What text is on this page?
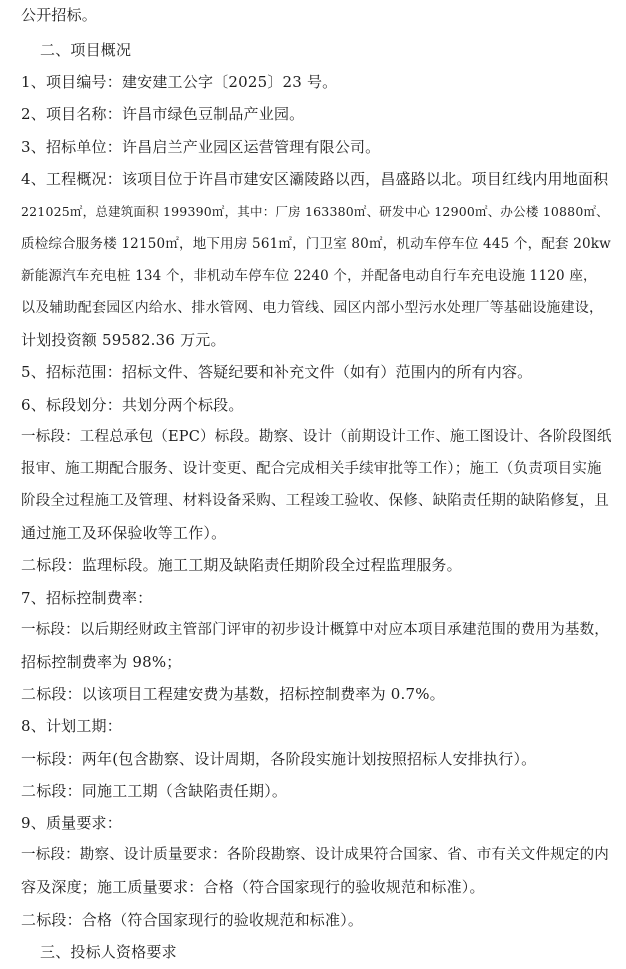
公开招标。
二、项目概况
1、项目编号：建安建工公字〔2025〕23 号。
2、项目名称：许昌市绿色豆制品产业园。
3、招标单位：许昌启兰产业园区运营管理有限公司。
4、工程概况：该项目位于许昌市建安区灞陵路以西，昌盛路以北。项目红线内用地面积
221025㎡，总建筑面积 199390㎡，其中：厂房 163380㎡、研发中心 12900㎡、办公楼 10880㎡、
质检综合服务楼 12150㎡，地下用房 561㎡，门卫室 80㎡，机动车停车位 445 个，配套 20kw
新能源汽车充电桩 134 个，非机动车停车位 2240 个，并配备电动自行车充电设施 1120 座，
以及辅助配套园区内给水、排水管网、电力管线、园区内部小型污水处理厂等基础设施建设，
计划投资额 59582.36 万元。
5、招标范围：招标文件、答疑纪要和补充文件（如有）范围内的所有内容。
6、标段划分：共划分两个标段。
一标段：工程总承包（EPC）标段。勘察、设计（前期设计工作、施工图设计、各阶段图纸
报审、施工期配合服务、设计变更、配合完成相关手续审批等工作）；施工（负责项目实施
阶段全过程施工及管理、材料设备采购、工程竣工验收、保修、缺陷责任期的缺陷修复，且
通过施工及环保验收等工作）。
二标段：监理标段。施工工期及缺陷责任期阶段全过程监理服务。
7、招标控制费率：
一标段：以后期经财政主管部门评审的初步设计概算中对应本项目承建范围的费用为基数，
招标控制费率为 98%；
二标段：以该项目工程建安费为基数，招标控制费率为 0.7%。
8、计划工期：
一标段：两年(包含勘察、设计周期，各阶段实施计划按照招标人安排执行）。
二标段：同施工工期（含缺陷责任期）。
9、质量要求：
一标段：勘察、设计质量要求：各阶段勘察、设计成果符合国家、省、市有关文件规定的内
容及深度；施工质量要求：合格（符合国家现行的验收规范和标准）。
二标段：合格（符合国家现行的验收规范和标准）。
三、投标人资格要求
